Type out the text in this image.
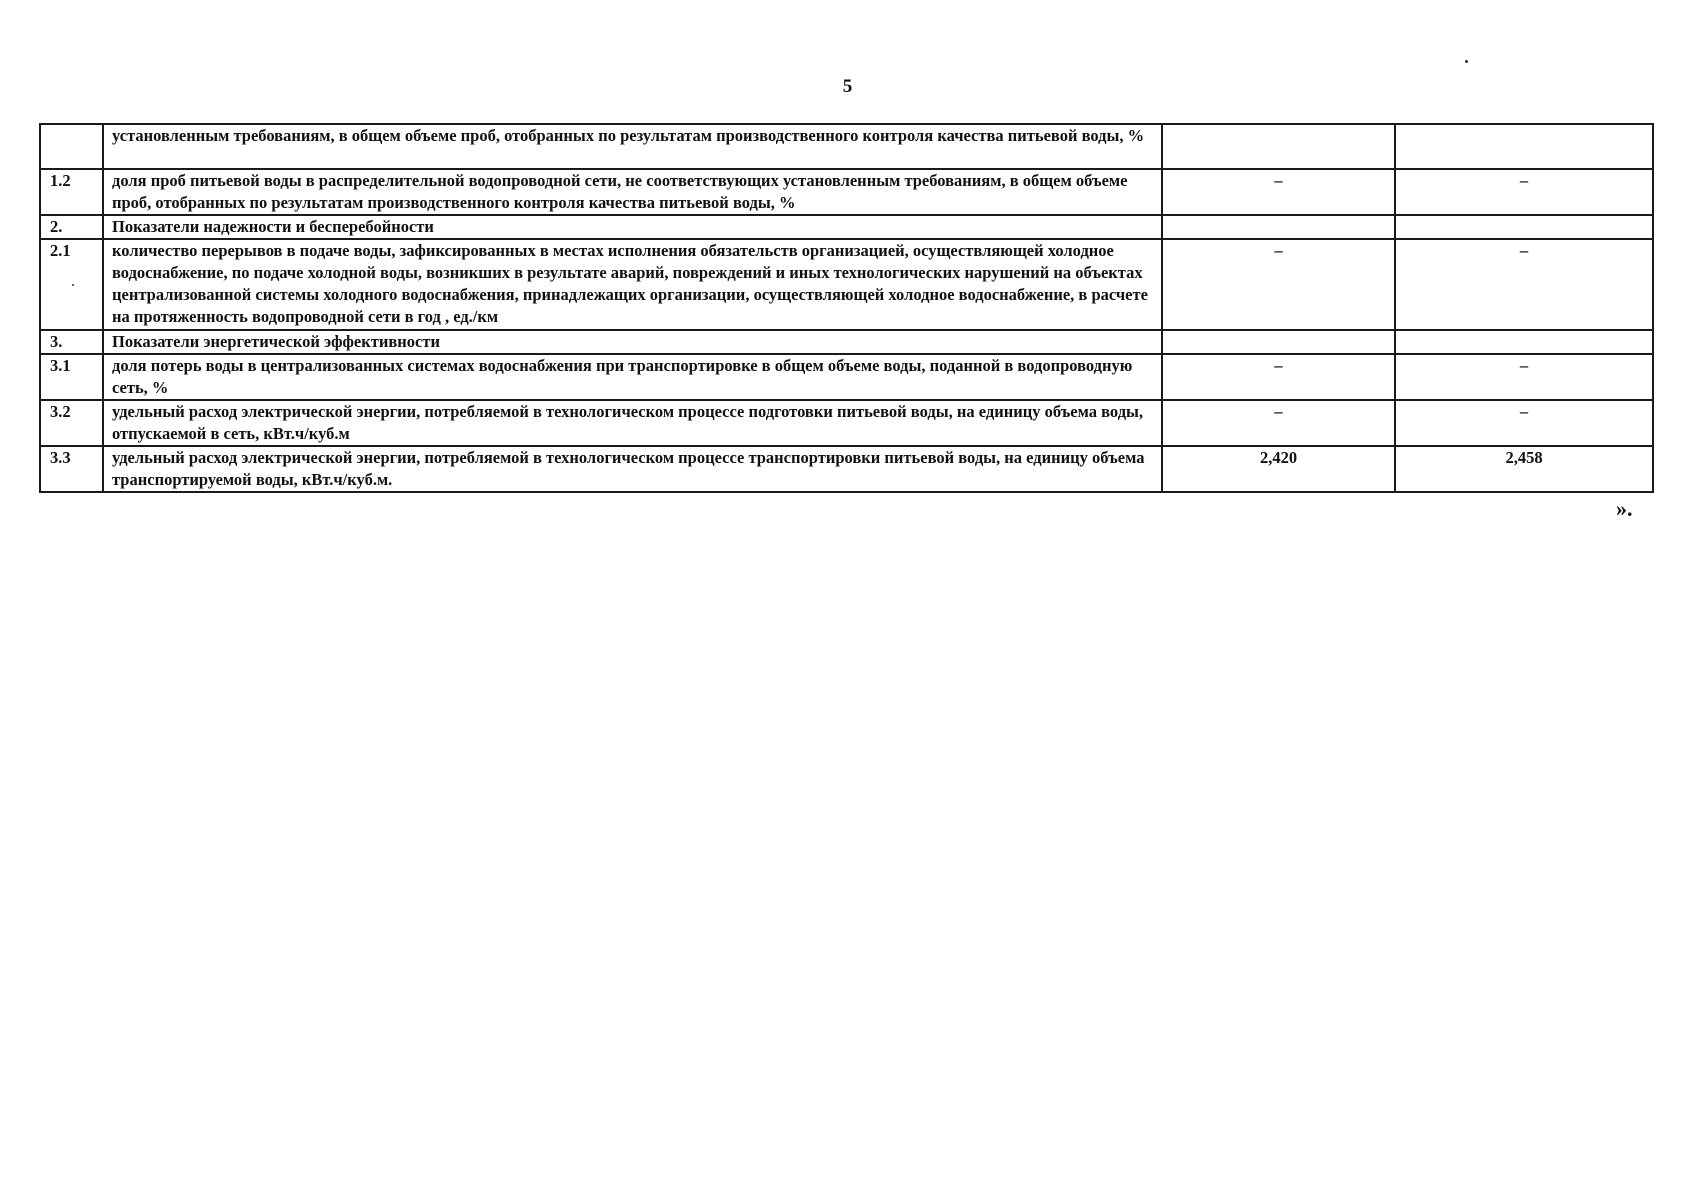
5
	установленным требованиям, в общем объеме проб, отобранных по результатам производственного контроля качества питьевой воды, %		
1.2	доля проб питьевой воды в распределительной водопроводной сети, не соответствующих установленным требованиям, в общем объеме проб, отобранных по результатам производственного контроля качества питьевой воды, %	–	–
2.	Показатели надежности и бесперебойности		
2.1	количество перерывов в подаче воды, зафиксированных в местах исполнения обязательств организацией, осуществляющей холодное водоснабжение, по подаче холодной воды, возникших в результате аварий, повреждений и иных технологических нарушений на объектах централизованной системы холодного водоснабжения, принадлежащих организации, осуществляющей холодное водоснабжение, в расчете на протяженность водопроводной сети в год , ед./км	–	–
3.	Показатели энергетической эффективности		
3.1	доля потерь воды в централизованных системах водоснабжения при транспортировке в общем объеме воды, поданной в водопроводную сеть, %	–	–
3.2	удельный расход электрической энергии, потребляемой в технологическом процессе подготовки питьевой воды, на единицу объема воды, отпускаемой в сеть, кВт.ч/куб.м	–	–
3.3	удельный расход электрической энергии, потребляемой в технологическом процессе транспортировки питьевой воды, на единицу объема транспортируемой воды, кВт.ч/куб.м.	2,420	2,458
».
